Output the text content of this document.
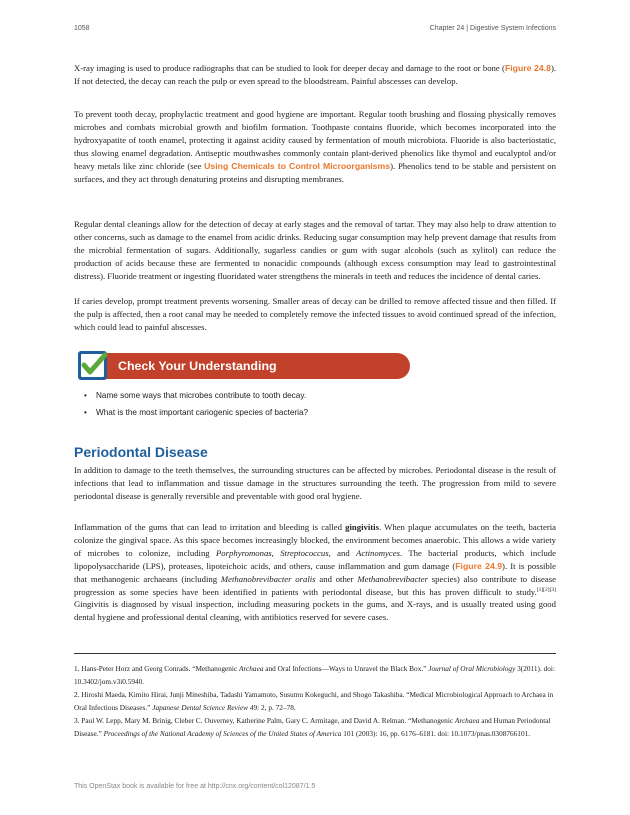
1058	Chapter 24 | Digestive System Infections

X-ray imaging is used to produce radiographs that can be studied to look for deeper decay and damage to the root or bone (Figure 24.8). If not detected, the decay can reach the pulp or even spread to the bloodstream. Painful abscesses can develop.

To prevent tooth decay, prophylactic treatment and good hygiene are important. Regular tooth brushing and flossing physically removes microbes and combats microbial growth and biofilm formation. Toothpaste contains fluoride, which becomes incorporated into the hydroxyapatite of tooth enamel, protecting it against acidity caused by fermentation of mouth microbiota. Fluoride is also bacteriostatic, thus slowing enamel degradation. Antiseptic mouthwashes commonly contain plant-derived phenolics like thymol and eucalyptol and/or heavy metals like zinc chloride (see Using Chemicals to Control Microorganisms). Phenolics tend to be stable and persistent on surfaces, and they act through denaturing proteins and disrupting membranes.

Regular dental cleanings allow for the detection of decay at early stages and the removal of tartar. They may also help to draw attention to other concerns, such as damage to the enamel from acidic drinks. Reducing sugar consumption may help prevent damage that results from the microbial fermentation of sugars. Additionally, sugarless candies or gum with sugar alcohols (such as xylitol) can reduce the production of acids because these are fermented to nonacidic compounds (although excess consumption may lead to gastrointestinal distress). Fluoride treatment or ingesting fluoridated water strengthens the minerals in teeth and reduces the incidence of dental caries.

If caries develop, prompt treatment prevents worsening. Smaller areas of decay can be drilled to remove affected tissue and then filled. If the pulp is affected, then a root canal may be needed to completely remove the infected tissues to avoid continued spread of the infection, which could lead to painful abscesses.

Check Your Understanding

• Name some ways that microbes contribute to tooth decay.

• What is the most important cariogenic species of bacteria?

Periodontal Disease

In addition to damage to the teeth themselves, the surrounding structures can be affected by microbes. Periodontal disease is the result of infections that lead to inflammation and tissue damage in the structures surrounding the teeth. The progression from mild to severe periodontal disease is generally reversible and preventable with good oral hygiene.

Inflammation of the gums that can lead to irritation and bleeding is called gingivitis. When plaque accumulates on the teeth, bacteria colonize the gingival space. As this space becomes increasingly blocked, the environment becomes anaerobic. This allows a wide variety of microbes to colonize, including Porphyromonas, Streptococcus, and Actinomyces. The bacterial products, which include lipopolysaccharide (LPS), proteases, lipoteichoic acids, and others, cause inflammation and gum damage (Figure 24.9). It is possible that methanogenic archaeans (including Methanobrevibacter oralis and other Methanobrevibacter species) also contribute to disease progression as some species have been identified in patients with periodontal disease, but this has proven difficult to study.[1][2][3] Gingivitis is diagnosed by visual inspection, including measuring pockets in the gums, and X-rays, and is usually treated using good dental hygiene and professional dental cleaning, with antibiotics reserved for severe cases.

1. Hans-Peter Horz and Georg Conrads. “Methanogenic Archaea and Oral Infections—Ways to Unravel the Black Box.” Journal of Oral Microbiology 3(2011). doi: 10.3402/jom.v3i0.5940.

2. Hiroshi Maeda, Kimito Hirai, Junji Mineshiba, Tadashi Yamamoto, Susumu Kokeguchi, and Shogo Takashiba. “Medical Microbiological Approach to Archaea in Oral Infectious Diseases.” Japanese Dental Science Review 49: 2, p. 72–78.

3. Paul W. Lepp, Mary M. Brinig, Cleber C. Ouverney, Katherine Palm, Gary C. Armitage, and David A. Relman. “Methanogenic Archaea and Human Periodontal Disease.” Proceedings of the National Academy of Sciences of the United States of America 101 (2003): 16, pp. 6176–6181. doi: 10.1073/pnas.0308766101.

This OpenStax book is available for free at http://cnx.org/content/col12087/1.5
